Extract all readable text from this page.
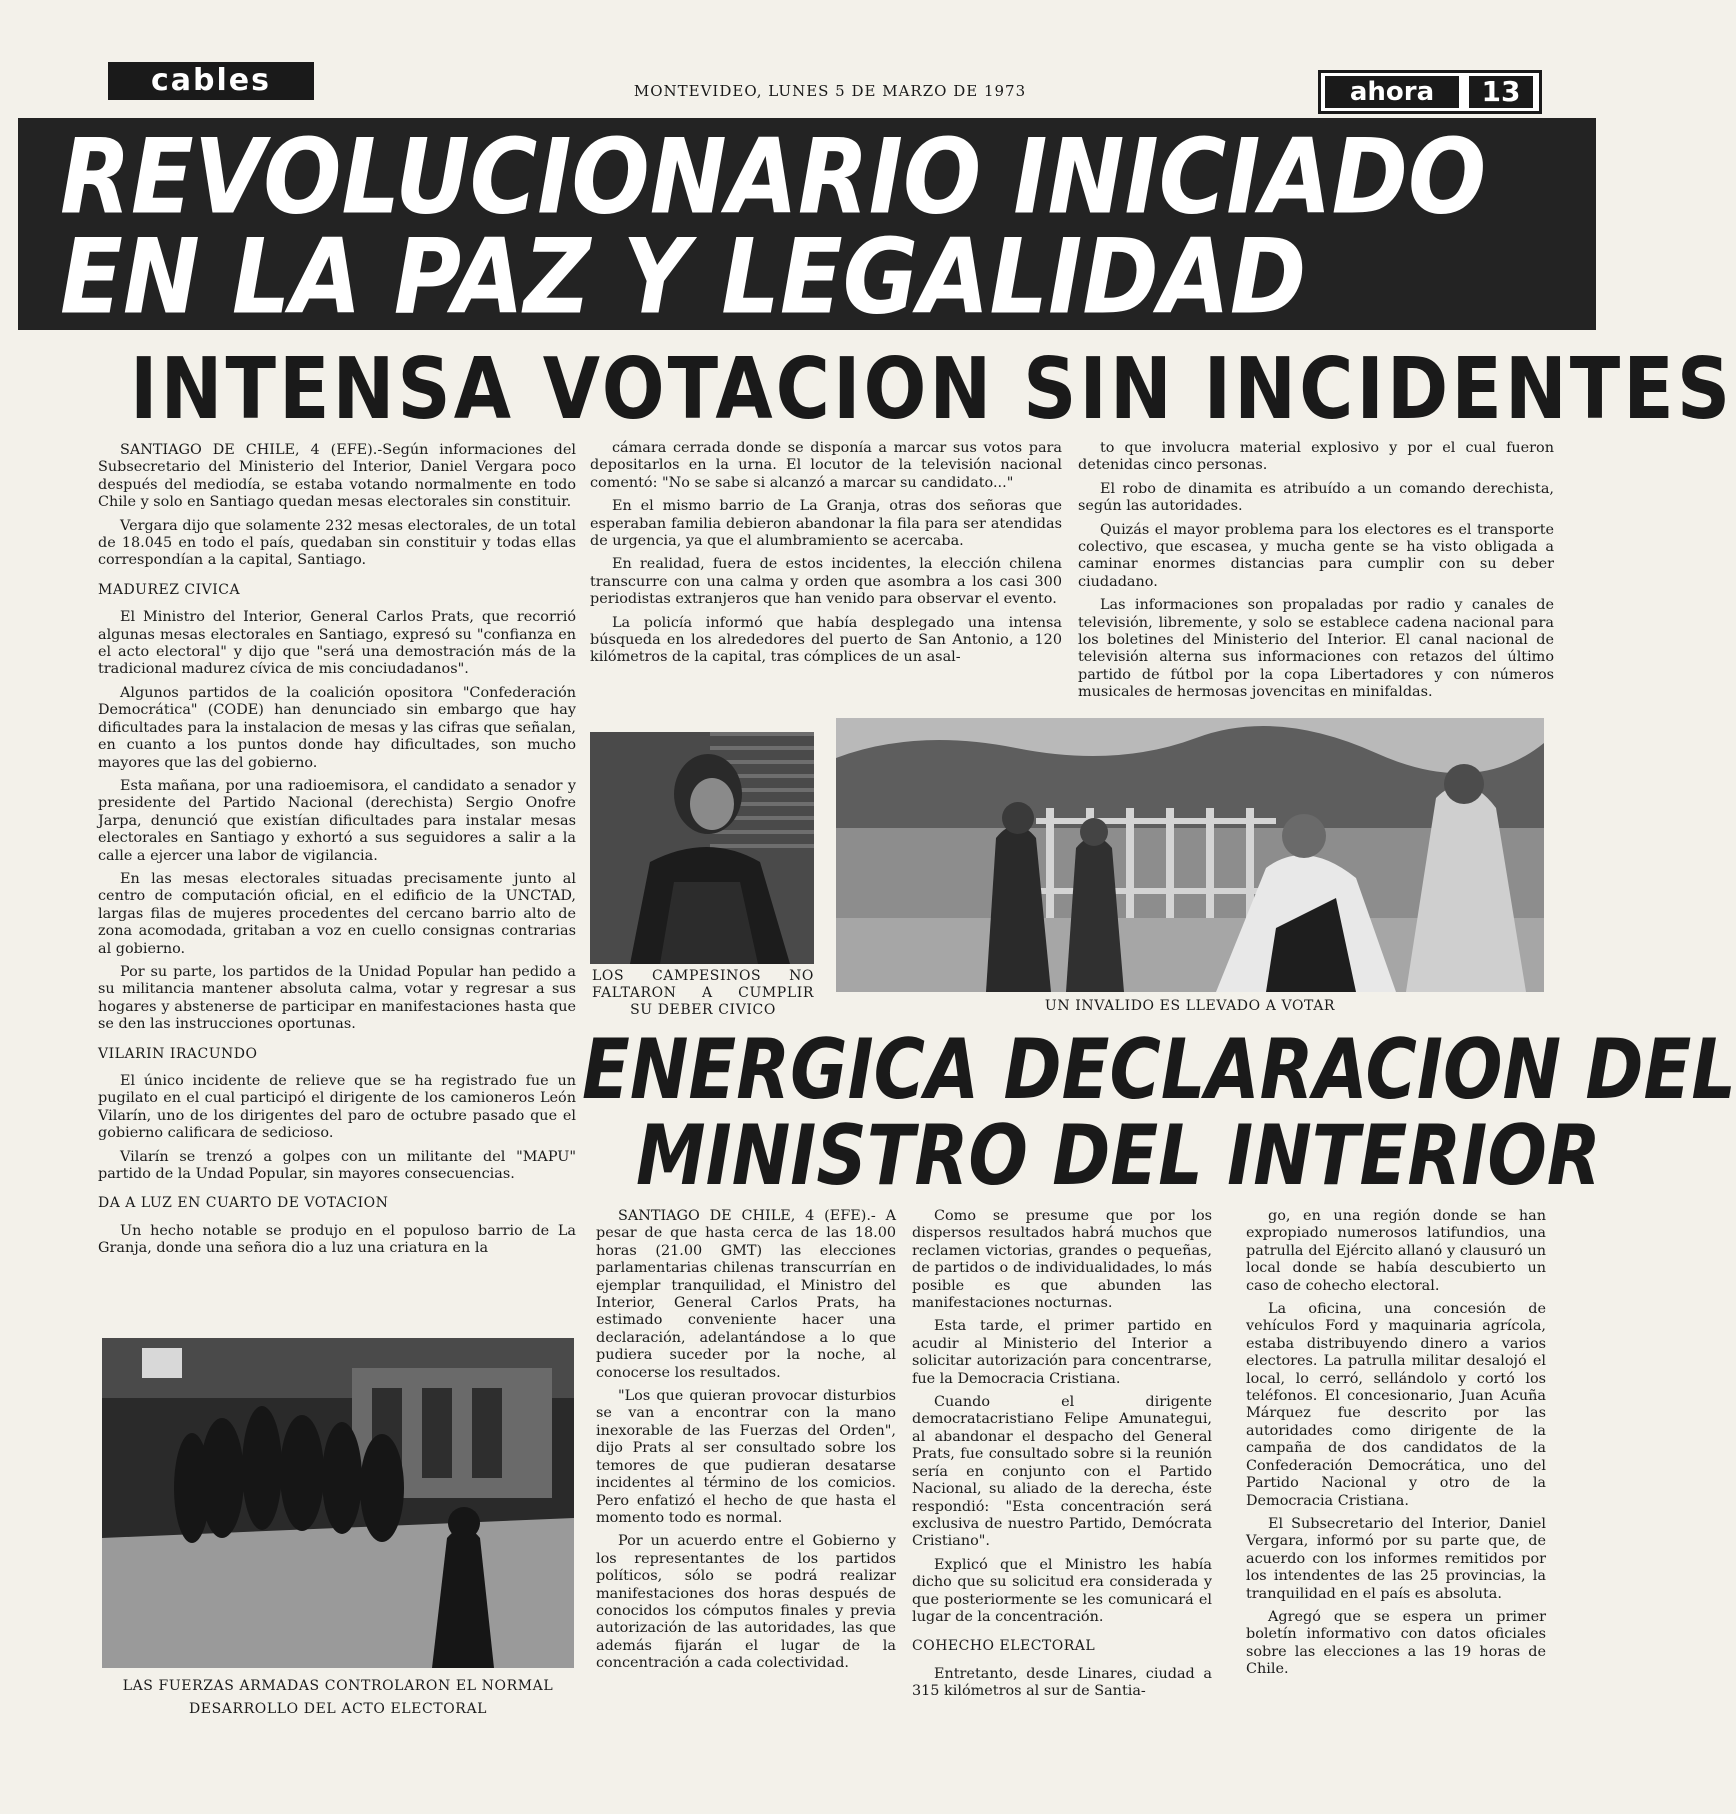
cables	MONTEVIDEO, LUNES 5 DE MARZO DE 1973	ahora	13
REVOLUCIONARIO INICIADO
EN LA PAZ Y LEGALIDAD
INTENSA VOTACION SIN INCIDENTES

SANTIAGO DE CHILE, 4 (EFE).-Según informaciones del Subsecretario del Ministerio del Interior, Daniel Vergara poco después del mediodía, se estaba votando normalmente en todo Chile y solo en Santiago quedan mesas electorales sin constituir.

Vergara dijo que solamente 232 mesas electorales, de un total de 18.045 en todo el país, quedaban sin constituir y todas ellas correspondían a la capital, Santiago.

MADUREZ CIVICA

El Ministro del Interior, General Carlos Prats, que recorrió algunas mesas electorales en Santiago, expresó su "confianza en el acto electoral" y dijo que "será una demostración más de la tradicional madurez cívica de mis conciudadanos".

Algunos partidos de la coalición opositora "Confederación Democrática" (CODE) han denunciado sin embargo que hay dificultades para la instalacion de mesas y las cifras que señalan, en cuanto a los puntos donde hay dificultades, son mucho mayores que las del gobierno.

Esta mañana, por una radioemisora, el candidato a senador y presidente del Partido Nacional (derechista) Sergio Onofre Jarpa, denunció que existían dificultades para instalar mesas electorales en Santiago y exhortó a sus seguidores a salir a la calle a ejercer una labor de vigilancia.

En las mesas electorales situadas precisamente junto al centro de computación oficial, en el edificio de la UNCTAD, largas filas de mujeres procedentes del cercano barrio alto de zona acomodada, gritaban a voz en cuello consignas contrarias al gobierno.

Por su parte, los partidos de la Unidad Popular han pedido a su militancia mantener absoluta calma, votar y regresar a sus hogares y abstenerse de participar en manifestaciones hasta que se den las instrucciones oportunas.

VILARIN IRACUNDO

El único incidente de relieve que se ha registrado fue un pugilato en el cual participó el dirigente de los camioneros León Vilarín, uno de los dirigentes del paro de octubre pasado que el gobierno calificara de sedicioso.

Vilarín se trenzó a golpes con un militante del "MAPU" partido de la Undad Popular, sin mayores consecuencias.

DA A LUZ EN CUARTO DE VOTACION

Un hecho notable se produjo en el populoso barrio de La Granja, donde una señora dio a luz una criatura en la

cámara cerrada donde se disponía a marcar sus votos para depositarlos en la urna. El locutor de la televisión nacional comentó: "No se sabe si alcanzó a marcar su candidato..."

En el mismo barrio de La Granja, otras dos señoras que esperaban familia debieron abandonar la fila para ser atendidas de urgencia, ya que el alumbramiento se acercaba.

En realidad, fuera de estos incidentes, la elección chilena transcurre con una calma y orden que asombra a los casi 300 periodistas extranjeros que han venido para observar el evento.

La policía informó que había desplegado una intensa búsqueda en los alrededores del puerto de San Antonio, a 120 kilómetros de la capital, tras cómplices de un asal-

to que involucra material explosivo y por el cual fueron detenidas cinco personas.

El robo de dinamita es atribuído a un comando derechista, según las autoridades.

Quizás el mayor problema para los electores es el transporte colectivo, que escasea, y mucha gente se ha visto obligada a caminar enormes distancias para cumplir con su deber ciudadano.

Las informaciones son propaladas por radio y canales de televisión, libremente, y solo se establece cadena nacional para los boletines del Ministerio del Interior. El canal nacional de televisión alterna sus informaciones con retazos del último partido de fútbol por la copa Libertadores y con números musicales de hermosas jovencitas en minifaldas.

LOS CAMPESINOS NO
FALTARON A CUMPLIR
SU DEBER CIVICO	UN INVALIDO ES LLEVADO A VOTAR
ENERGICA DECLARACION DEL
MINISTRO DEL INTERIOR
LAS FUERZAS ARMADAS CONTROLARON EL NORMAL
DESARROLLO DEL ACTO ELECTORAL

SANTIAGO DE CHILE, 4 (EFE).- A pesar de que hasta cerca de las 18.00 horas (21.00 GMT) las elecciones parlamentarias chilenas transcurrían en ejemplar tranquilidad, el Ministro del Interior, General Carlos Prats, ha estimado conveniente hacer una declaración, adelantándose a lo que pudiera suceder por la noche, al conocerse los resultados.

"Los que quieran provocar disturbios se van a encontrar con la mano inexorable de las Fuerzas del Orden", dijo Prats al ser consultado sobre los temores de que pudieran desatarse incidentes al término de los comicios. Pero enfatizó el hecho de que hasta el momento todo es normal.

Por un acuerdo entre el Gobierno y los representantes de los partidos políticos, sólo se podrá realizar manifestaciones dos horas después de conocidos los cómputos finales y previa autorización de las autoridades, las que además fijarán el lugar de la concentración a cada colectividad.

Como se presume que por los dispersos resultados habrá muchos que reclamen victorias, grandes o pequeñas, de partidos o de individualidades, lo más posible es que abunden las manifestaciones nocturnas.

Esta tarde, el primer partido en acudir al Ministerio del Interior a solicitar autorización para concentrarse, fue la Democracia Cristiana.

Cuando el dirigente democratacristiano Felipe Amunategui, al abandonar el despacho del General Prats, fue consultado sobre si la reunión sería en conjunto con el Partido Nacional, su aliado de la derecha, éste respondió: "Esta concentración será exclusiva de nuestro Partido, Demócrata Cristiano".

Explicó que el Ministro les había dicho que su solicitud era considerada y que posteriormente se les comunicará el lugar de la concentración.

COHECHO ELECTORAL

Entretanto, desde Linares, ciudad a 315 kilómetros al sur de Santia-

go, en una región donde se han expropiado numerosos latifundios, una patrulla del Ejército allanó y clausuró un local donde se había descubierto un caso de cohecho electoral.

La oficina, una concesión de vehículos Ford y maquinaria agrícola, estaba distribuyendo dinero a varios electores. La patrulla militar desalojó el local, lo cerró, sellándolo y cortó los teléfonos. El concesionario, Juan Acuña Márquez fue descrito por las autoridades como dirigente de la campaña de dos candidatos de la Confederación Democrática, uno del Partido Nacional y otro de la Democracia Cristiana.

El Subsecretario del Interior, Daniel Vergara, informó por su parte que, de acuerdo con los informes remitidos por los intendentes de las 25 provincias, la tranquilidad en el país es absoluta.

Agregó que se espera un primer boletín informativo con datos oficiales sobre las elecciones a las 19 horas de Chile.
